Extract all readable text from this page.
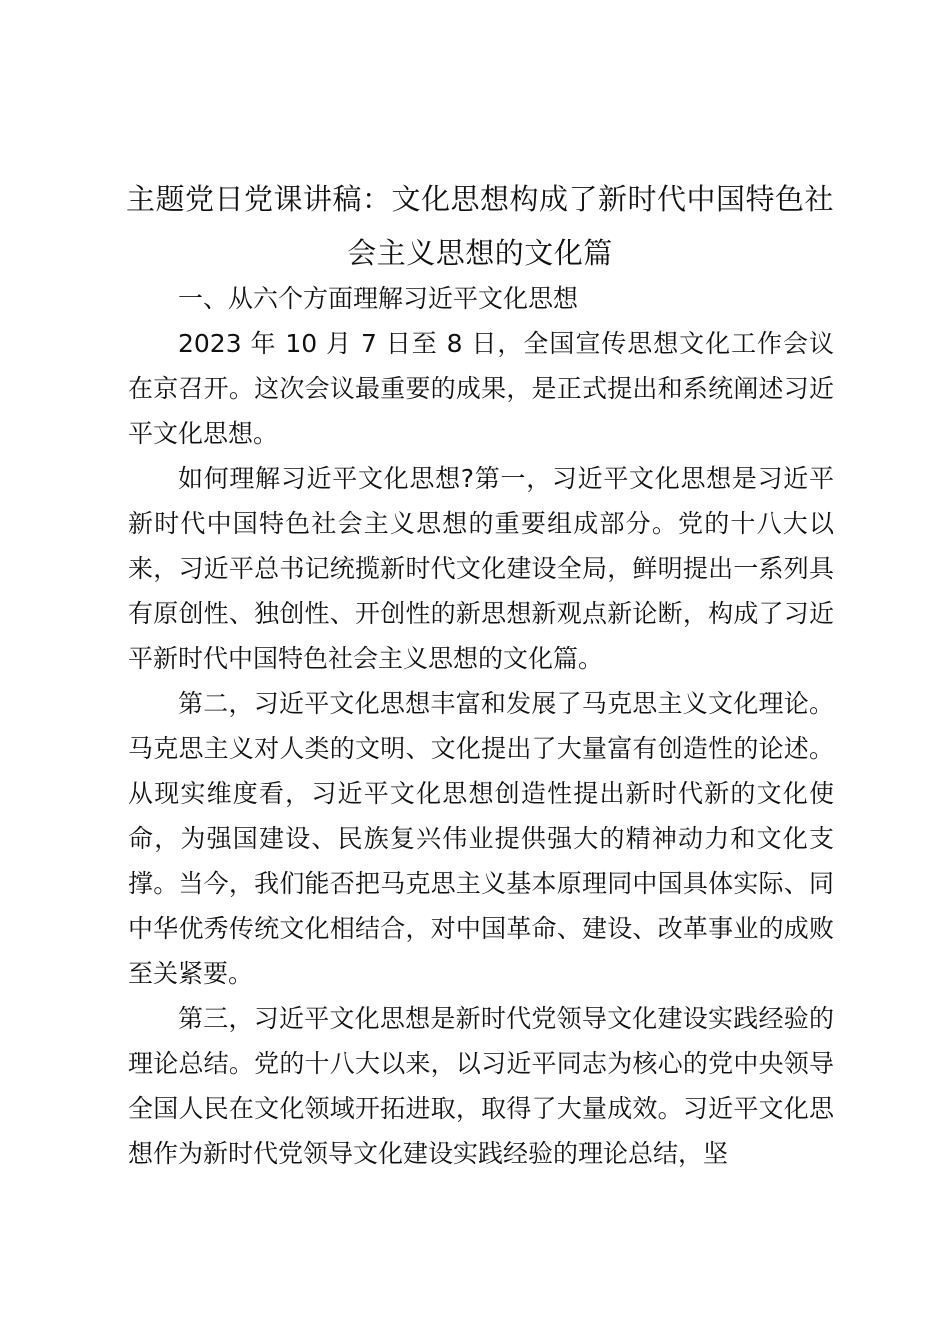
主题党日党课讲稿：文化思想构成了新时代中国特色社会主义思想的文化篇

一、从六个方面理解习近平文化思想

2023 年 10 月 7 日至 8 日，全国宣传思想文化工作会议在京召开。这次会议最重要的成果，是正式提出和系统阐述习近平文化思想。

如何理解习近平文化思想?第一，习近平文化思想是习近平新时代中国特色社会主义思想的重要组成部分。党的十八大以来，习近平总书记统揽新时代文化建设全局，鲜明提出一系列具有原创性、独创性、开创性的新思想新观点新论断，构成了习近平新时代中国特色社会主义思想的文化篇。

第二，习近平文化思想丰富和发展了马克思主义文化理论。马克思主义对人类的文明、文化提出了大量富有创造性的论述。从现实维度看，习近平文化思想创造性提出新时代新的文化使命，为强国建设、民族复兴伟业提供强大的精神动力和文化支撑。当今，我们能否把马克思主义基本原理同中国具体实际、同中华优秀传统文化相结合，对中国革命、建设、改革事业的成败至关紧要。

第三，习近平文化思想是新时代党领导文化建设实践经验的理论总结。党的十八大以来，以习近平同志为核心的党中央领导全国人民在文化领域开拓进取，取得了大量成效。习近平文化思想作为新时代党领导文化建设实践经验的理论总结，坚
